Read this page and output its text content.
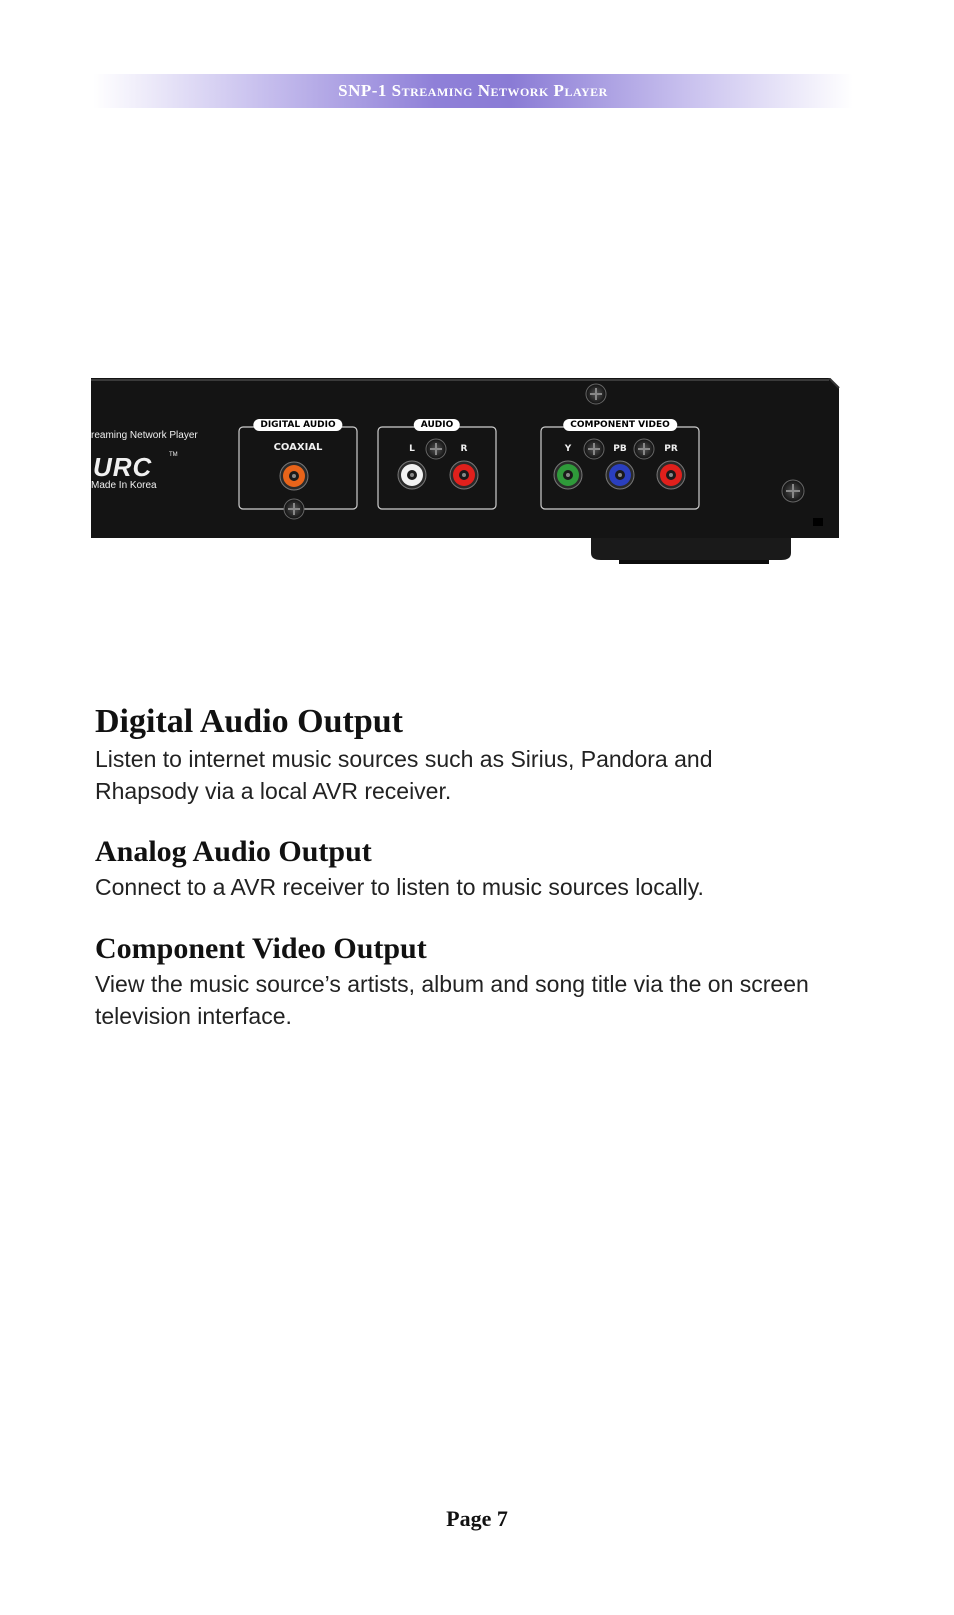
SNP-1 Streaming Network Player
reaming Network Player
URC	TM
Made In Korea
DIGITAL AUDIO
COAXIAL
AUDIO
L	R
COMPONENT VIDEO
Y	PB	PR
Digital Audio Output

Listen to internet music sources such as Sirius, Pandora and Rhapsody via a local AVR receiver.

Analog Audio Output

Connect to a AVR receiver to listen to music sources locally.

Component Video Output

View the music source’s artists, album and song title via the on screen television interface.

Page 7
